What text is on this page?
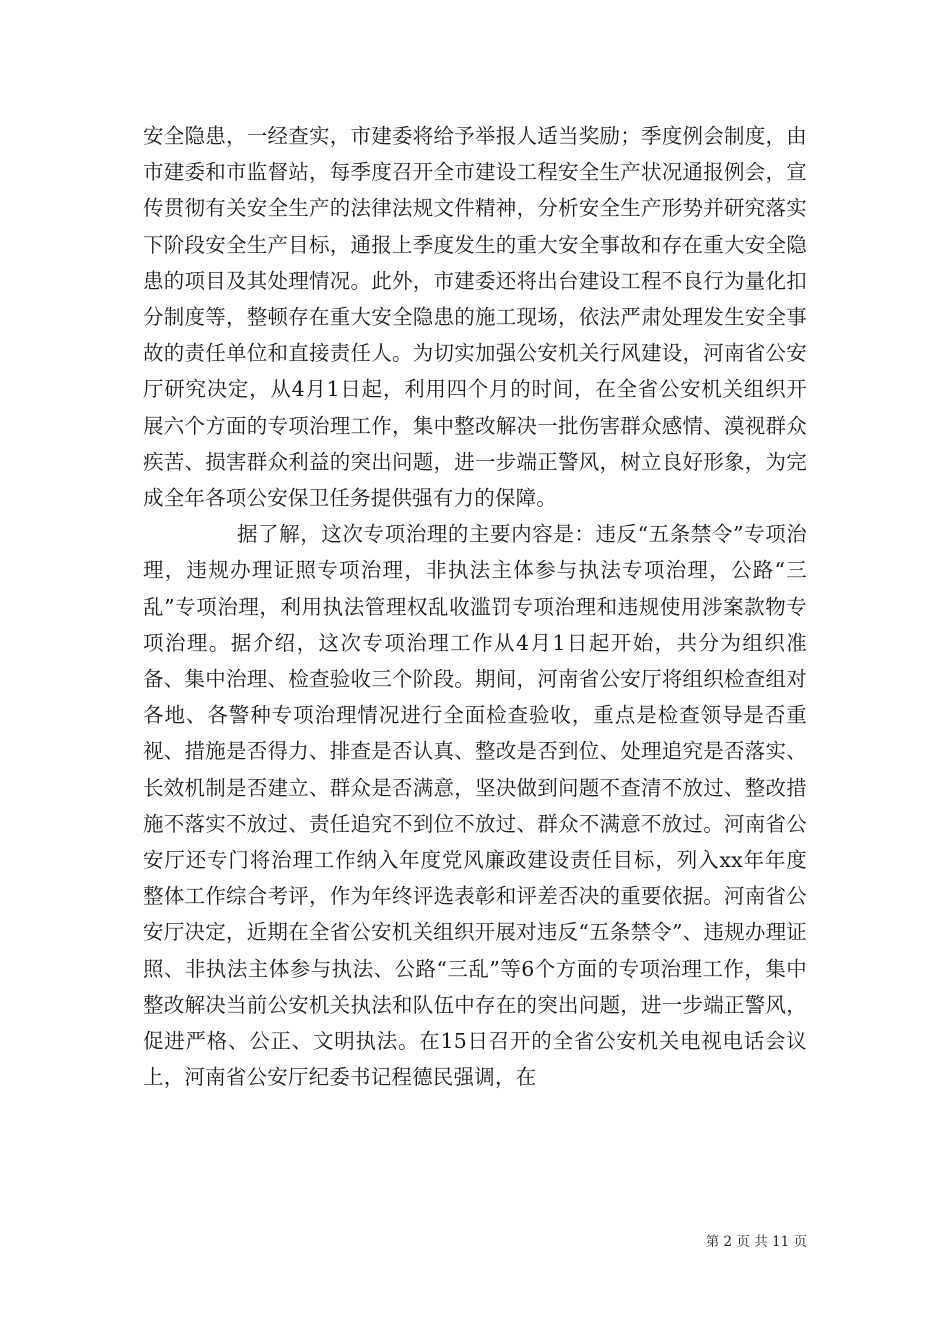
安全隐患，一经查实，市建委将给予举报人适当奖励；季度例会制度，由市建委和市监督站，每季度召开全市建设工程安全生产状况通报例会，宣传贯彻有关安全生产的法律法规文件精神，分析安全生产形势并研究落实下阶段安全生产目标，通报上季度发生的重大安全事故和存在重大安全隐患的项目及其处理情况。此外，市建委还将出台建设工程不良行为量化扣分制度等，整顿存在重大安全隐患的施工现场，依法严肃处理发生安全事故的责任单位和直接责任人。为切实加强公安机关行风建设，河南省公安厅研究决定，从4月1日起，利用四个月的时间，在全省公安机关组织开展六个方面的专项治理工作，集中整改解决一批伤害群众感情、漠视群众疾苦、损害群众利益的突出问题，进一步端正警风，树立良好形象，为完成全年各项公安保卫任务提供强有力的保障。

据了解，这次专项治理的主要内容是：违反“五条禁令”专项治理，违规办理证照专项治理，非执法主体参与执法专项治理，公路“三乱”专项治理，利用执法管理权乱收滥罚专项治理和违规使用涉案款物专项治理。据介绍，这次专项治理工作从4月1日起开始，共分为组织准备、集中治理、检查验收三个阶段。期间，河南省公安厅将组织检查组对各地、各警种专项治理情况进行全面检查验收，重点是检查领导是否重视、措施是否得力、排查是否认真、整改是否到位、处理追究是否落实、长效机制是否建立、群众是否满意，坚决做到问题不查清不放过、整改措施不落实不放过、责任追究不到位不放过、群众不满意不放过。河南省公安厅还专门将治理工作纳入年度党风廉政建设责任目标，列入xx年年度整体工作综合考评，作为年终评选表彰和评差否决的重要依据。河南省公安厅决定，近期在全省公安机关组织开展对违反“五条禁令”、违规办理证照、非执法主体参与执法、公路“三乱”等6个方面的专项治理工作，集中整改解决当前公安机关执法和队伍中存在的突出问题，进一步端正警风，促进严格、公正、文明执法。在15日召开的全省公安机关电视电话会议上，河南省公安厅纪委书记程德民强调，在

第 2 页 共 11 页
